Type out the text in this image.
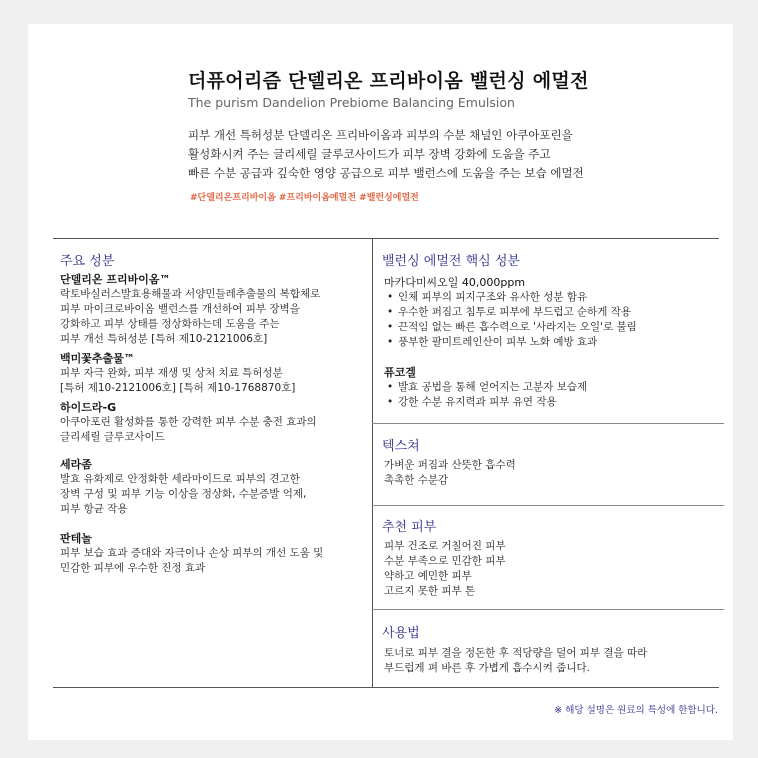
더퓨어리즘 단델리온 프리바이옴 밸런싱 에멀전
The purism Dandelion Prebiome Balancing Emulsion
피부 개선 특허성분 단델리온 프리바이옴과 피부의 수분 채널인 아쿠아포린을
활성화시켜 주는 글리세릴 글루코사이드가 피부 장벽 강화에 도움을 주고
빠른 수분 공급과 깊숙한 영양 공급으로 피부 밸런스에 도움을 주는 보습 에멀전
#단델리온프리바이옴 #프리바이옴에멀전 #밸런싱에멀전
주요 성분
단델리온 프리바이옴™
락토바실러스발효용해물과 서양민들레추출물의 복합체로
피부 마이크로바이옴 밸런스를 개선하여 피부 장벽을
강화하고 피부 상태를 정상화하는데 도움을 주는
피부 개선 특허성분 [특허 제10-2121006호]
백미꽃추출물™
피부 자극 완화, 피부 재생 및 상처 치료 특허성분
[특허 제10-2121006호] [특허 제10-1768870호]
하이드라-G
아쿠아포린 활성화를 통한 강력한 피부 수분 충전 효과의
글리세릴 글루코사이드
세라좀
발효 유화제로 안정화한 세라마이드로 피부의 견고한
장벽 구성 및 피부 기능 이상을 정상화, 수분증발 억제,
피부 항균 작용
판테놀
피부 보습 효과 증대와 자극이나 손상 피부의 개선 도움 및
민감한 피부에 우수한 진정 효과
밸런싱 에멀전 핵심 성분
마카다미씨오일 40,000ppm
• 인체 피부의 피지구조와 유사한 성분 함유
• 우수한 퍼짐고 침투로 피부에 부드럽고 순하게 작용
• 끈적임 없는 빠른 흡수력으로 '사라지는 오일'로 불림
• 풍부한 팔미트레인산이 피부 노화 예방 효과
퓨코겔
• 발효 공법을 통해 얻어지는 고분자 보습제
• 강한 수분 유지력과 피부 유연 작용
텍스쳐
가벼운 퍼짐과 산뜻한 흡수력
촉촉한 수분감
추천 피부
피부 건조로 거칠어진 피부
수분 부족으로 민감한 피부
약하고 예민한 피부
고르지 못한 피부 톤
사용법
토너로 피부 결을 정돈한 후 적당량을 덜어 피부 결을 따라
부드럽게 펴 바른 후 가볍게 흡수시켜 줍니다.
※ 해당 설명은 원료의 특성에 한합니다.
